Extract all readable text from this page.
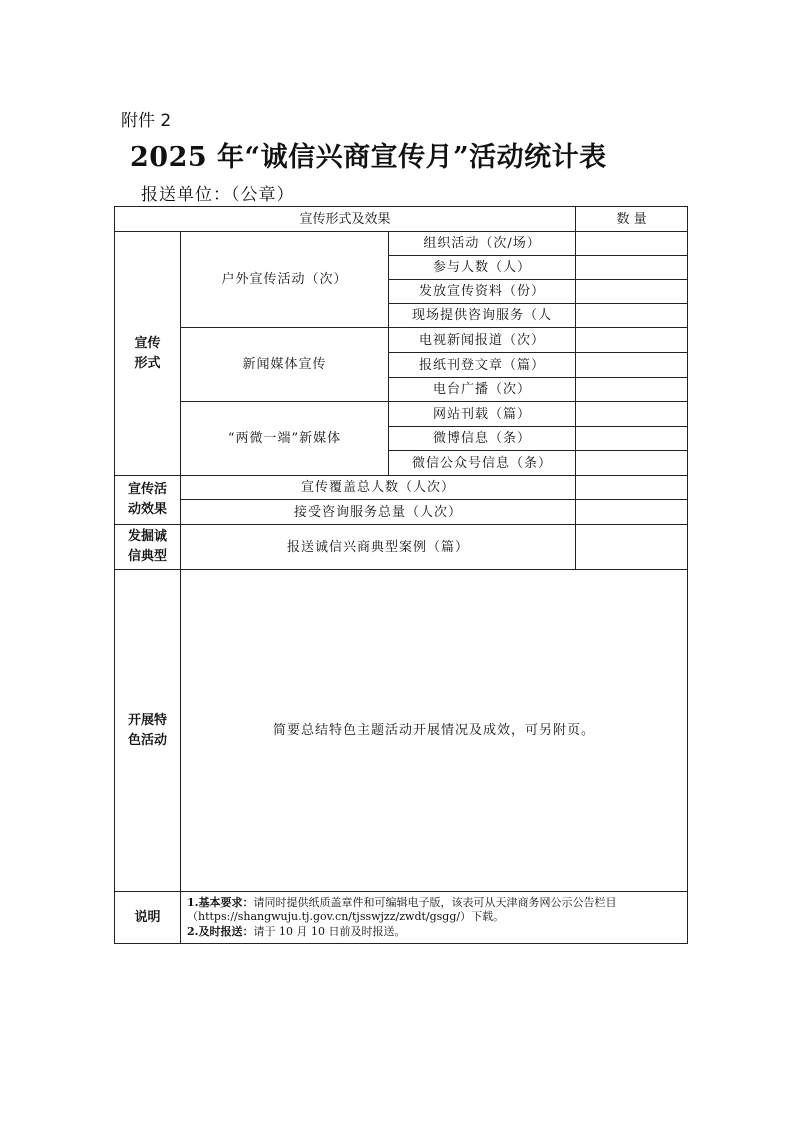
附件 2
2025 年“诚信兴商宣传月”活动统计表
报送单位：（公章）
宣传形式及效果			数 量

宣传
形式	户外宣传活动（次）	组织活动（次/场）	
		参与人数（人）	
		发放宣传资料（份）	
		现场提供咨询服务（人	
	新闻媒体宣传	电视新闻报道（次）	
		报纸刊登文章（篇）	
		电台广播（次）	
	“两微一端”新媒体	网站刊载（篇）	
		微博信息（条）	
		微信公众号信息（条）	

宣传活
动效果	宣传覆盖总人数（人次）		
	接受咨询服务总量（人次）		

发掘诚
信典型	报送诚信兴商典型案例（篇）		

开展特
色活动	简要总结特色主题活动开展情况及成效，可另附页。		
说明	1.基本要求：请同时提供纸质盖章件和可编辑电子版，该表可从天津商务网公示公告栏目（https://shangwuju.tj.gov.cn/tjsswjzz/zwdt/gsgg/）下载。
2.及时报送：请于 10 月 10 日前及时报送。		
